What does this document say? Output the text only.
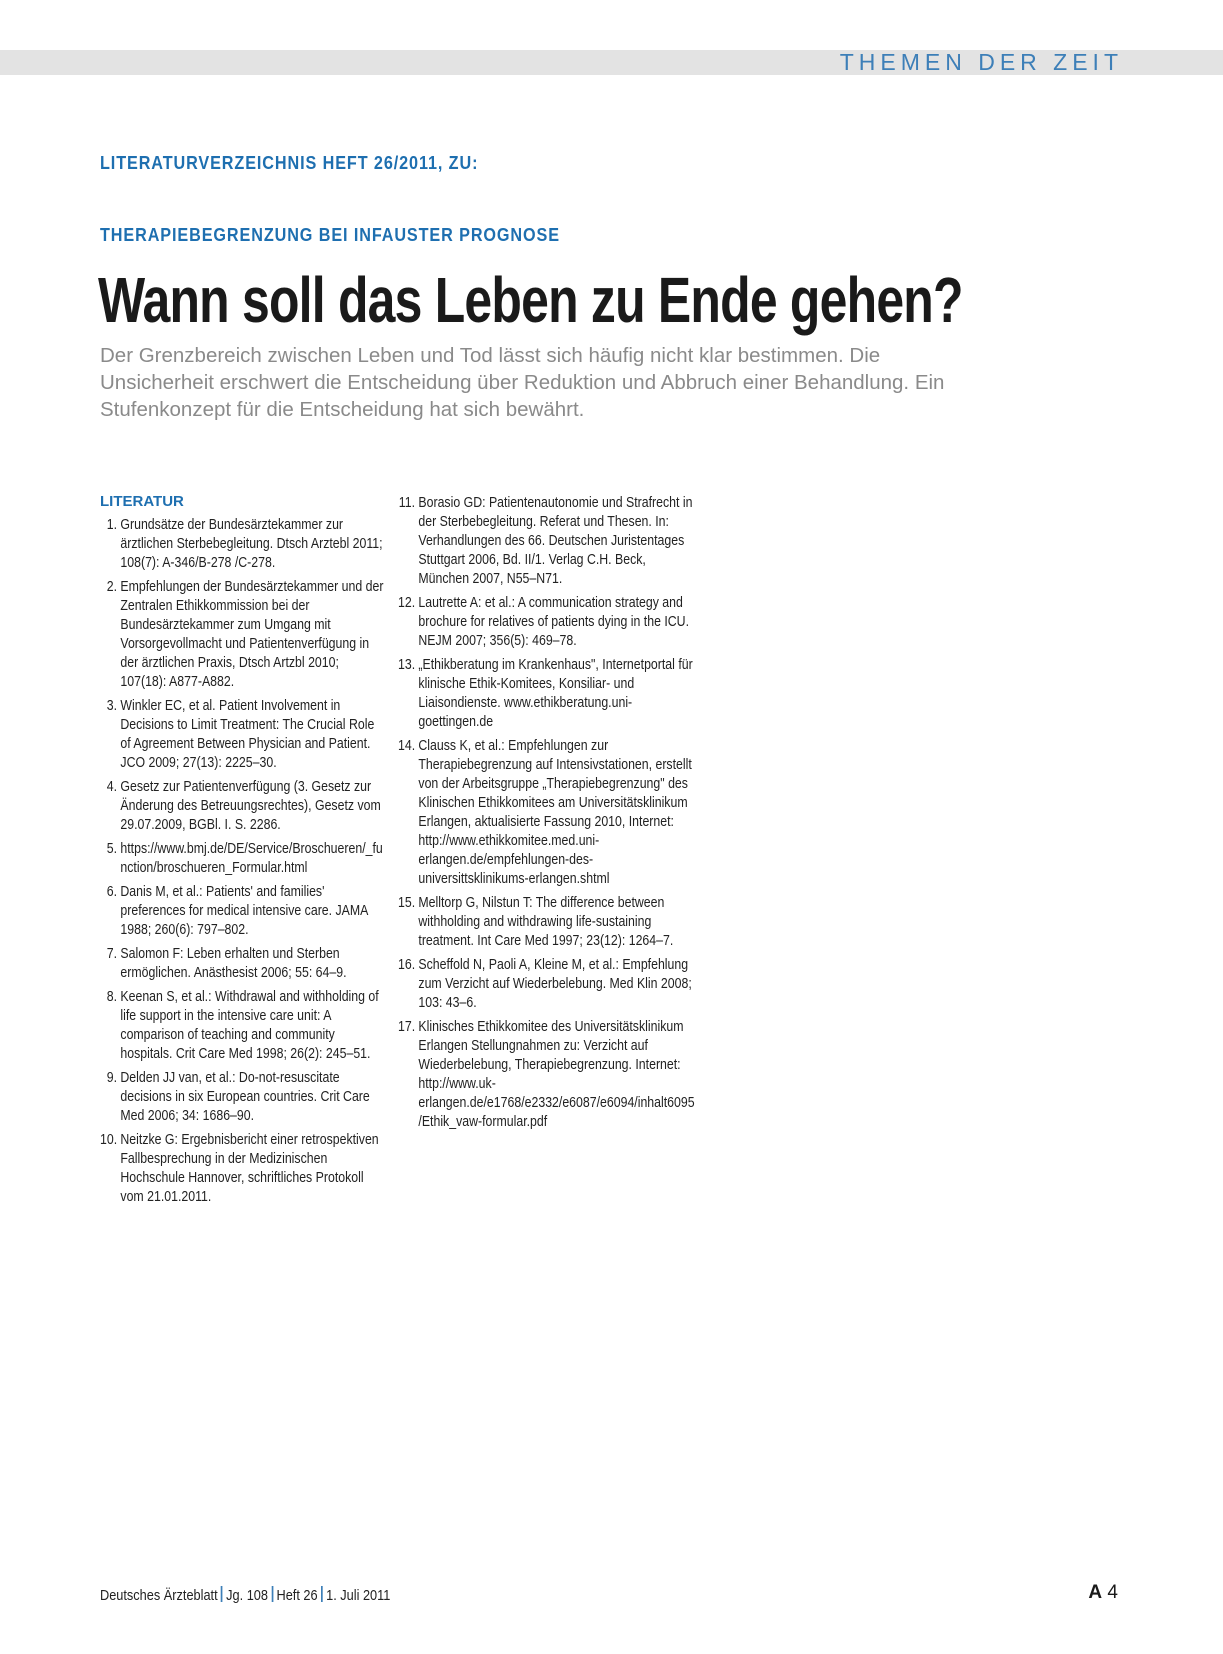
THEMEN DER ZEIT
LITERATURVERZEICHNIS HEFT 26/2011, ZU:
THERAPIEBEGRENZUNG BEI INFAUSTER PROGNOSE
Wann soll das Leben zu Ende gehen?

Der Grenzbereich zwischen Leben und Tod lässt sich häufig nicht klar bestimmen. Die Unsicherheit erschwert die Entscheidung über Reduktion und Abbruch einer Behandlung. Ein Stufenkonzept für die Entscheidung hat sich bewährt.

LITERATUR
1. Grundsätze der Bundesärztekammer zur ärztlichen Sterbebegleitung. Dtsch Arztebl 2011; 108(7): A-346/B-278 /C-278.
2. Empfehlungen der Bundesärztekammer und der Zentralen Ethikkommission bei der Bundesärztekammer zum Umgang mit Vorsorgevollmacht und Patientenverfügung in der ärztlichen Praxis, Dtsch Artzbl 2010; 107(18): A877-A882.
3. Winkler EC, et al. Patient Involvement in Decisions to Limit Treatment: The Crucial Role of Agreement Between Physician and Patient. JCO 2009; 27(13): 2225–30.
4. Gesetz zur Patientenverfügung (3. Gesetz zur Änderung des Betreuungsrechtes), Gesetz vom 29.07.2009, BGBl. I. S. 2286.
5. https://www.bmj.de/DE/Service/Broschueren/_function/broschueren_Formular.html
6. Danis M, et al.: Patients' and families' preferences for medical intensive care. JAMA 1988; 260(6): 797–802.
7. Salomon F: Leben erhalten und Sterben ermöglichen. Anästhesist 2006; 55: 64–9.
8. Keenan S, et al.: Withdrawal and withholding of life support in the intensive care unit: A comparison of teaching and community hospitals. Crit Care Med 1998; 26(2): 245–51.
9. Delden JJ van, et al.: Do-not-resuscitate decisions in six European countries. Crit Care Med 2006; 34: 1686–90.
10. Neitzke G: Ergebnisbericht einer retrospektiven Fallbesprechung in der Medizinischen Hochschule Hannover, schriftliches Protokoll vom 21.01.2011.
11. Borasio GD: Patientenautonomie und Strafrecht in der Sterbebegleitung. Referat und Thesen. In: Verhandlungen des 66. Deutschen Juristentages Stuttgart 2006, Bd. II/1. Verlag C.H. Beck, München 2007, N55–N71.
12. Lautrette A: et al.: A communication strategy and brochure for relatives of patients dying in the ICU. NEJM 2007; 356(5): 469–78.
13. „Ethikberatung im Krankenhaus", Internetportal für klinische Ethik-Komitees, Konsiliar- und Liaisondienste. www.ethikberatung.uni-goettingen.de
14. Clauss K, et al.: Empfehlungen zur Therapiebegrenzung auf Intensivstationen, erstellt von der Arbeitsgruppe „Therapiebegrenzung" des Klinischen Ethikkomitees am Universitätsklinikum Erlangen, aktualisierte Fassung 2010, Internet: http://www.ethikkomitee.med.uni-erlangen.de/empfehlungen-des-universittsklinikums-erlangen.shtml
15. Melltorp G, Nilstun T: The difference between withholding and withdrawing life-sustaining treatment. Int Care Med 1997; 23(12): 1264–7.
16. Scheffold N, Paoli A, Kleine M, et al.: Empfehlung zum Verzicht auf Wiederbelebung. Med Klin 2008; 103: 43–6.
17. Klinisches Ethikkomitee des Universitätsklinikum Erlangen Stellungnahmen zu: Verzicht auf Wiederbelebung, Therapiebegrenzung. Internet: http://www.uk-erlangen.de/e1768/e2332/e6087/e6094/inhalt6095/Ethik_vaw-formular.pdf
Deutsches Ärzteblatt Jg. 108 Heft 26 1. Juli 2011	A 4
